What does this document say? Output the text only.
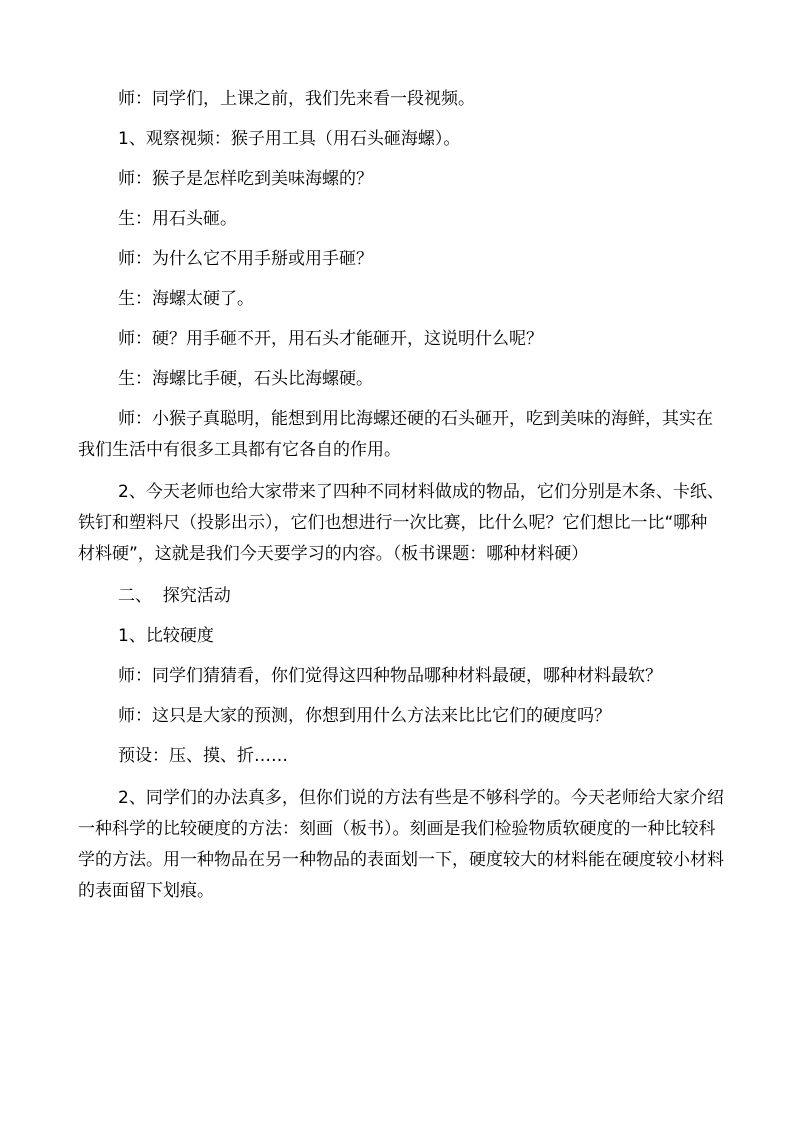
师：同学们，上课之前，我们先来看一段视频。

1、观察视频：猴子用工具（用石头砸海螺）。

师：猴子是怎样吃到美味海螺的？

生：用石头砸。

师：为什么它不用手掰或用手砸？

生：海螺太硬了。

师：硬？用手砸不开，用石头才能砸开，这说明什么呢？

生：海螺比手硬，石头比海螺硬。

师：小猴子真聪明，能想到用比海螺还硬的石头砸开，吃到美味的海鲜，其实在我们生活中有很多工具都有它各自的作用。

2、今天老师也给大家带来了四种不同材料做成的物品，它们分别是木条、卡纸、铁钉和塑料尺（投影出示），它们也想进行一次比赛，比什么呢？它们想比一比“哪种材料硬”，这就是我们今天要学习的内容。（板书课题：哪种材料硬）

二、  探究活动

1、比较硬度

师：同学们猜猜看，你们觉得这四种物品哪种材料最硬，哪种材料最软？

师：这只是大家的预测，你想到用什么方法来比比它们的硬度吗？

预设：压、摸、折……

2、同学们的办法真多，但你们说的方法有些是不够科学的。今天老师给大家介绍一种科学的比较硬度的方法：刻画（板书）。刻画是我们检验物质软硬度的一种比较科学的方法。用一种物品在另一种物品的表面划一下，硬度较大的材料能在硬度较小材料的表面留下划痕。
